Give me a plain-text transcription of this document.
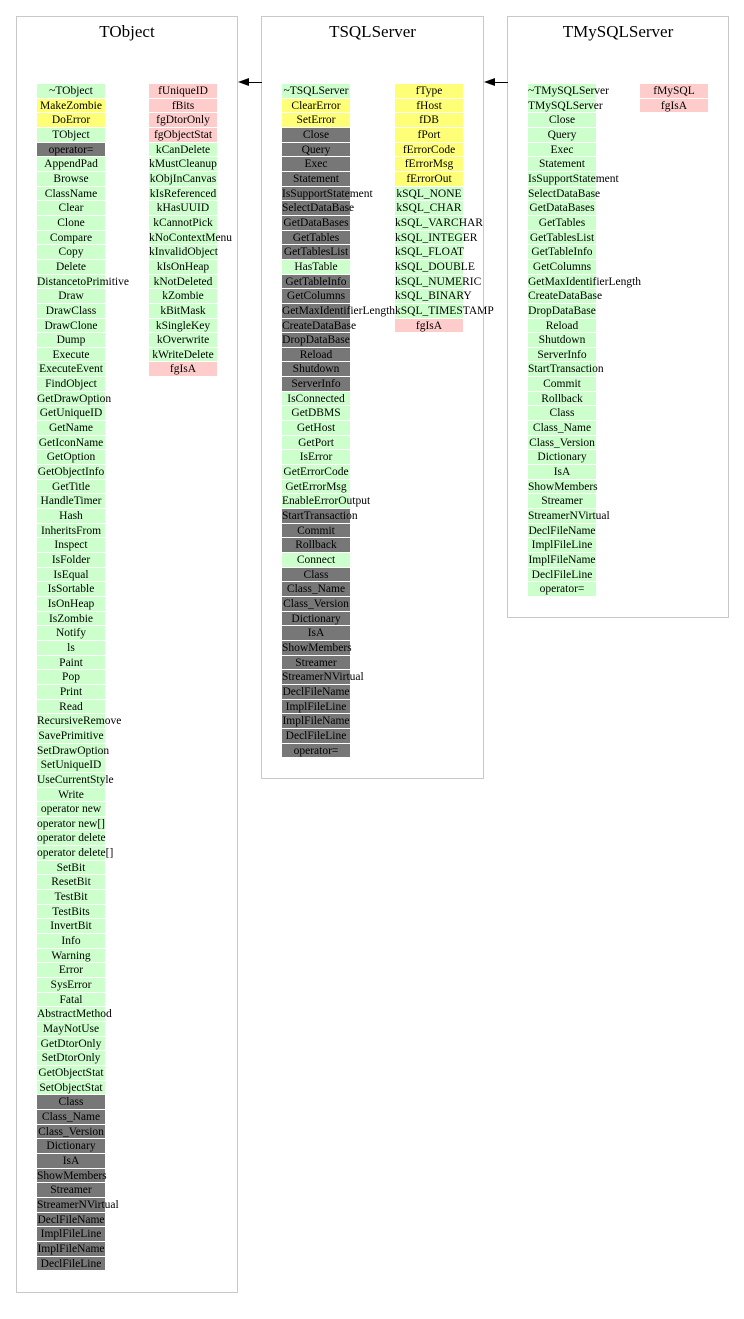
TObject	TSQLServer	TMySQLServer
~TObject
MakeZombie
DoError
TObject
operator=
AppendPad
Browse
ClassName
Clear
Clone
Compare
Copy
Delete
DistancetoPrimitive
Draw
DrawClass
DrawClone
Dump
Execute
ExecuteEvent
FindObject
GetDrawOption
GetUniqueID
GetName
GetIconName
GetOption
GetObjectInfo
GetTitle
HandleTimer
Hash
InheritsFrom
Inspect
IsFolder
IsEqual
IsSortable
IsOnHeap
IsZombie
Notify
ls
Paint
Pop
Print
Read
RecursiveRemove
SavePrimitive
SetDrawOption
SetUniqueID
UseCurrentStyle
Write
operator new
operator new[]
operator delete
operator delete[]
SetBit
ResetBit
TestBit
TestBits
InvertBit
Info
Warning
Error
SysError
Fatal
AbstractMethod
MayNotUse
GetDtorOnly
SetDtorOnly
GetObjectStat
SetObjectStat
Class
Class_Name
Class_Version
Dictionary
IsA
ShowMembers
Streamer
StreamerNVirtual
DeclFileName
ImplFileLine
ImplFileName
DeclFileLine
fUniqueID
fBits
fgDtorOnly
fgObjectStat
kCanDelete
kMustCleanup
kObjInCanvas
kIsReferenced
kHasUUID
kCannotPick
kNoContextMenu
kInvalidObject
kIsOnHeap
kNotDeleted
kZombie
kBitMask
kSingleKey
kOverwrite
kWriteDelete
fgIsA
~TSQLServer
ClearError
SetError
Close
Query
Exec
Statement
IsSupportStatement
SelectDataBase
GetDataBases
GetTables
GetTablesList
HasTable
GetTableInfo
GetColumns
GetMaxIdentifierLength
CreateDataBase
DropDataBase
Reload
Shutdown
ServerInfo
IsConnected
GetDBMS
GetHost
GetPort
IsError
GetErrorCode
GetErrorMsg
EnableErrorOutput
StartTransaction
Commit
Rollback
Connect
Class
Class_Name
Class_Version
Dictionary
IsA
ShowMembers
Streamer
StreamerNVirtual
DeclFileName
ImplFileLine
ImplFileName
DeclFileLine
operator=
fType
fHost
fDB
fPort
fErrorCode
fErrorMsg
fErrorOut
kSQL_NONE
kSQL_CHAR
kSQL_VARCHAR
kSQL_INTEGER
kSQL_FLOAT
kSQL_DOUBLE
kSQL_NUMERIC
kSQL_BINARY
kSQL_TIMESTAMP
fgIsA
~TMySQLServer
TMySQLServer
Close
Query
Exec
Statement
IsSupportStatement
SelectDataBase
GetDataBases
GetTables
GetTablesList
GetTableInfo
GetColumns
GetMaxIdentifierLength
CreateDataBase
DropDataBase
Reload
Shutdown
ServerInfo
StartTransaction
Commit
Rollback
Class
Class_Name
Class_Version
Dictionary
IsA
ShowMembers
Streamer
StreamerNVirtual
DeclFileName
ImplFileLine
ImplFileName
DeclFileLine
operator=
fMySQL
fgIsA
